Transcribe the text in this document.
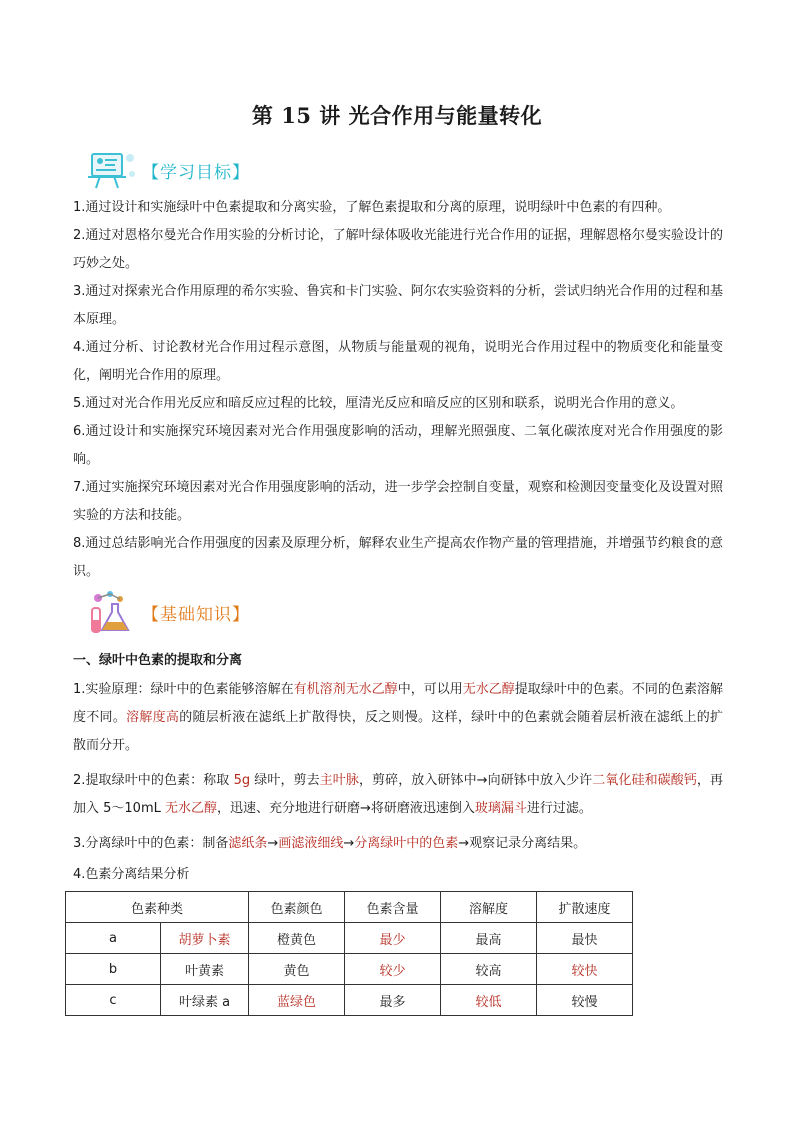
第 15 讲 光合作用与能量转化
【学习目标】

1.通过设计和实施绿叶中色素提取和分离实验，了解色素提取和分离的原理，说明绿叶中色素的有四种。

2.通过对恩格尔曼光合作用实验的分析讨论，了解叶绿体吸收光能进行光合作用的证据，理解恩格尔曼实验设计的巧妙之处。

3.通过对探索光合作用原理的希尔实验、鲁宾和卡门实验、阿尔农实验资料的分析，尝试归纳光合作用的过程和基本原理。

4.通过分析、讨论教材光合作用过程示意图，从物质与能量观的视角，说明光合作用过程中的物质变化和能量变化，阐明光合作用的原理。

5.通过对光合作用光反应和暗反应过程的比较，厘清光反应和暗反应的区别和联系，说明光合作用的意义。

6.通过设计和实施探究环境因素对光合作用强度影响的活动，理解光照强度、二氧化碳浓度对光合作用强度的影响。

7.通过实施探究环境因素对光合作用强度影响的活动，进一步学会控制自变量，观察和检测因变量变化及设置对照实验的方法和技能。

8.通过总结影响光合作用强度的因素及原理分析，解释农业生产提高农作物产量的管理措施，并增强节约粮食的意识。

【基础知识】
一、绿叶中色素的提取和分离

1.实验原理：绿叶中的色素能够溶解在有机溶剂无水乙醇中，可以用无水乙醇提取绿叶中的色素。不同的色素溶解度不同。溶解度高的随层析液在滤纸上扩散得快，反之则慢。这样，绿叶中的色素就会随着层析液在滤纸上的扩散而分开。

2.提取绿叶中的色素：称取 5g 绿叶，剪去主叶脉，剪碎，放入研钵中→向研钵中放入少许二氧化硅和碳酸钙，再加入 5～10mL 无水乙醇，迅速、充分地进行研磨→将研磨液迅速倒入玻璃漏斗进行过滤。

3.分离绿叶中的色素：制备滤纸条→画滤液细线→分离绿叶中的色素→观察记录分离结果。

4.色素分离结果分析

色素种类		色素颜色	色素含量	溶解度	扩散速度
a	胡萝卜素	橙黄色	最少	最高	最快
b	叶黄素	黄色	较少	较高	较快
c	叶绿素 a	蓝绿色	最多	较低	较慢
